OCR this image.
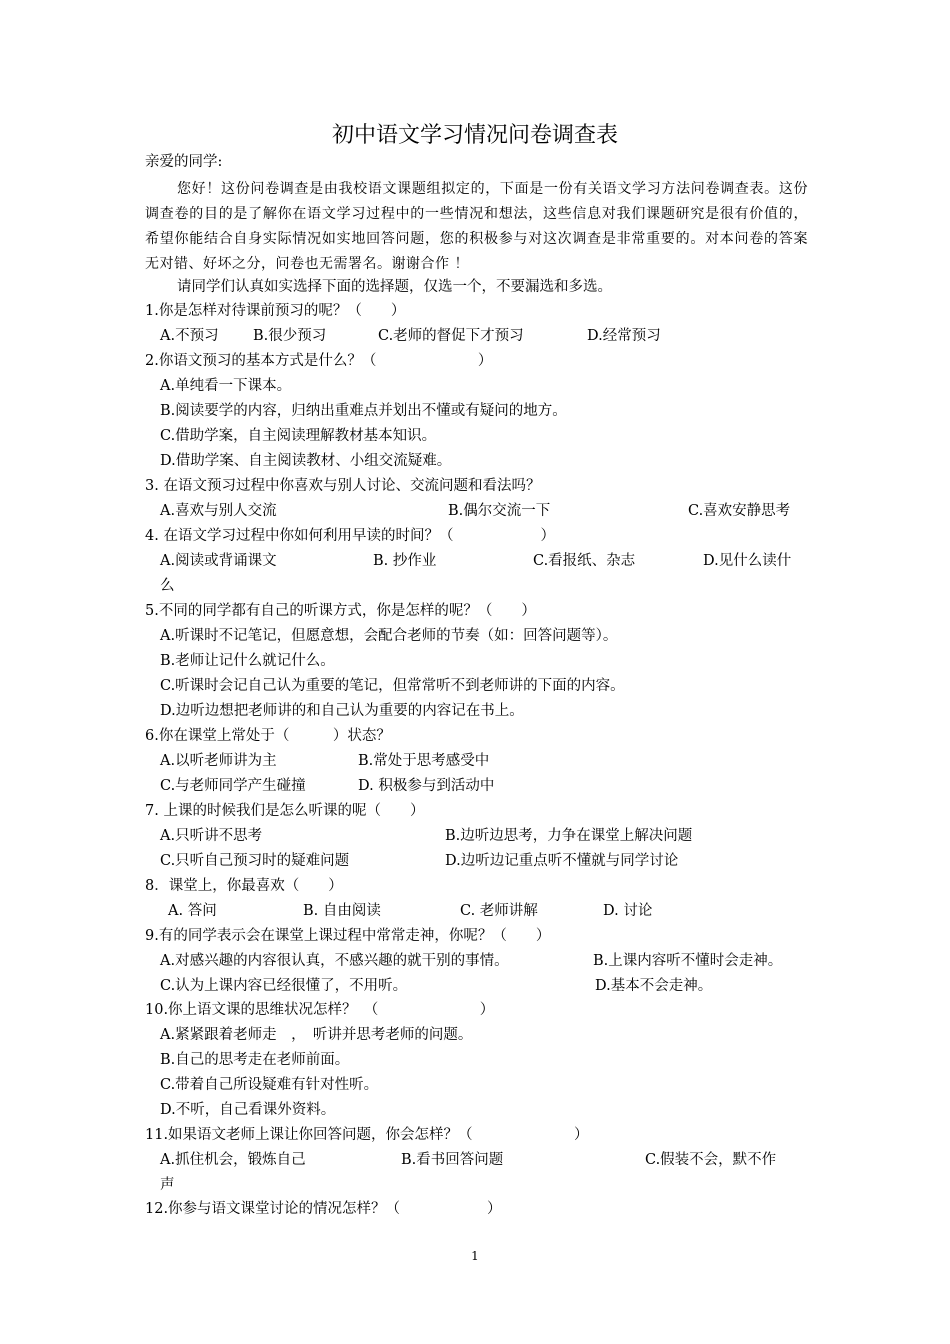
初中语文学习情况问卷调查表
亲爱的同学:
您好！这份问卷调查是由我校语文课题组拟定的，下面是一份有关语文学习方法问卷调查表。这份调查卷的目的是了解你在语文学习过程中的一些情况和想法，这些信息对我们课题研究是很有价值的，希望你能结合自身实际情况如实地回答问题，您的积极参与对这次调查是非常重要的。对本问卷的答案无对错、好坏之分，问卷也无需署名。谢谢合作 ！
请同学们认真如实选择下面的选择题，仅选一个，不要漏选和多选。
1.你是怎样对待课前预习的呢？（　　）
A.不预习 B.很少预习	C.老师的督促下才预习	D.经常预习
2.你语文预习的基本方式是什么？（　　　　　　　）
A.单纯看一下课本。
B.阅读要学的内容，归纳出重难点并划出不懂或有疑问的地方。
C.借助学案，自主阅读理解教材基本知识。
D.借助学案、自主阅读教材、小组交流疑难。
3. 在语文预习过程中你喜欢与别人讨论、交流问题和看法吗？
A.喜欢与别人交流	B.偶尔交流一下	C.喜欢安静思考
4. 在语文学习过程中你如何利用早读的时间？（　　　　　　）
A.阅读或背诵课文	B. 抄作业	C.看报纸、杂志	D.见什么读什
么
5.不同的同学都有自己的听课方式，你是怎样的呢？（　　）
A.听课时不记笔记，但愿意想，会配合老师的节奏（如：回答问题等）。
B.老师让记什么就记什么。
C.听课时会记自己认为重要的笔记，但常常听不到老师讲的下面的内容。
D.边听边想把老师讲的和自己认为重要的内容记在书上。
6.你在课堂上常处于（　　　）状态？
A.以听老师讲为主	B.常处于思考感受中
C.与老师同学产生碰撞	D. 积极参与到活动中
7. 上课的时候我们是怎么听课的呢（　　）
A.只听讲不思考	B.边听边思考，力争在课堂上解决问题
C.只听自己预习时的疑难问题	D.边听边记重点听不懂就与同学讨论
8．课堂上，你最喜欢（　　）
A. 答问	B. 自由阅读	C. 老师讲解	D. 讨论
9.有的同学表示会在课堂上课过程中常常走神，你呢？（　　）
A.对感兴趣的内容很认真，不感兴趣的就干别的事情。	B.上课内容听不懂时会走神。
C.认为上课内容已经很懂了，不用听。	D.基本不会走神。
10.你上语文课的思维状况怎样？　（　　　　　　　）
A.紧紧跟着老师走　，　听讲并思考老师的问题。
B.自己的思考走在老师前面。
C.带着自己所设疑难有针对性听。
D.不听，自己看课外资料。
11.如果语文老师上课让你回答问题，你会怎样？（　　　　　　　）
A.抓住机会，锻炼自己	B.看书回答问题	C.假装不会，默不作
声
12.你参与语文课堂讨论的情况怎样？（　　　　　　）
1
